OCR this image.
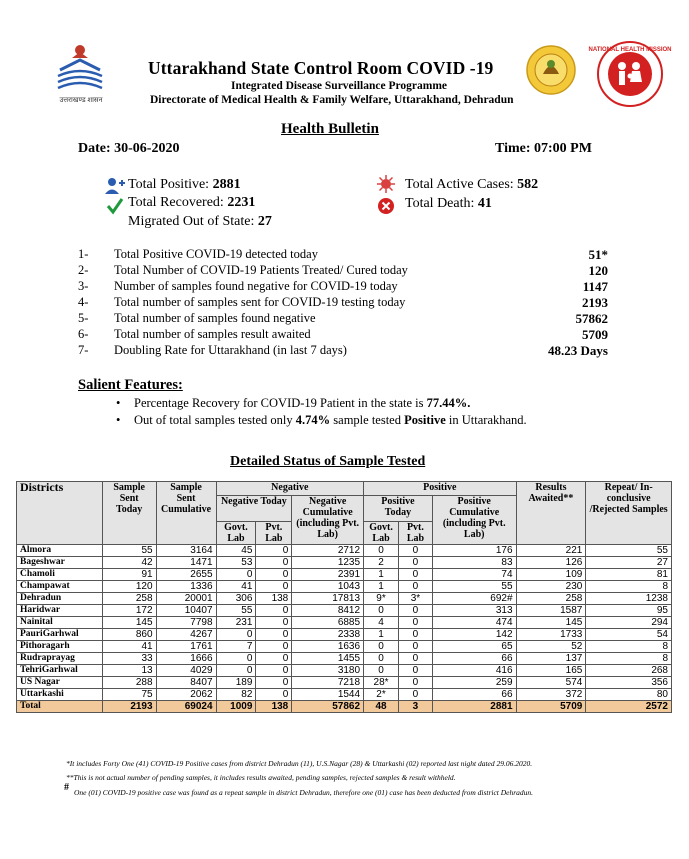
उत्तराखण्ड शासन
Uttarakhand State Control Room COVID -19
Integrated Disease Surveillance Programme
Directorate of Medical Health & Family Welfare, Uttarakhand, Dehradun
NATIONAL HEALTH MISSION
Health Bulletin
Date: 30-06-2020	Time: 07:00 PM
Total Positive: 2881
Total Recovered: 2231
Migrated Out of State: 27
Total Active Cases: 582
Total Death: 41
1- Total Positive COVID-19 detected today	51*
2- Total Number of COVID-19 Patients Treated/ Cured today	120
3- Number of samples found negative for COVID-19 today	1147
4- Total number of samples sent for COVID-19 testing today	2193
5- Total number of samples found negative	57862
6- Total number of samples result awaited	5709
7- Doubling Rate for Uttarakhand (in last 7 days)	48.23 Days
Salient Features:
• Percentage Recovery for COVID-19 Patient in the state is 77.44%.
• Out of total samples tested only 4.74% sample tested Positive in Uttarakhand.
Detailed Status of Sample Tested
Districts	Sample Sent Today	Sample Sent Cumulative	Negative			Positive			Results Awaited**	Repeat/ In-conclusive /Rejected Samples
			Negative Today		Negative Cumulative (including Pvt. Lab)	Positive Today		Positive Cumulative (including Pvt. Lab)		
			Govt. Lab	Pvt. Lab		Govt. Lab	Pvt. Lab			

Almora	55	3164	45	0	2712	0	0	176	221	55
Bageshwar	42	1471	53	0	1235	2	0	83	126	27
Chamoli	91	2655	0	0	2391	1	0	74	109	81
Champawat	120	1336	41	0	1043	1	0	55	230	8
Dehradun	258	20001	306	138	17813	9*	3*	692#	258	1238
Haridwar	172	10407	55	0	8412	0	0	313	1587	95
Nainital	145	7798	231	0	6885	4	0	474	145	294
PauriGarhwal	860	4267	0	0	2338	1	0	142	1733	54
Pithoragarh	41	1761	7	0	1636	0	0	65	52	8
Rudraprayag	33	1666	0	0	1455	0	0	66	137	8
TehriGarhwal	13	4029	0	0	3180	0	0	416	165	268
US Nagar	288	8407	189	0	7218	28*	0	259	574	356
Uttarkashi	75	2062	82	0	1544	2*	0	66	372	80
Total	2193	69024	1009	138	57862	48	3	2881	5709	2572
*It includes Forty One (41) COVID-19 Positive cases from district Dehradun (11), U.S.Nagar (28) & Uttarkashi (02) reported last night dated 29.06.2020.
**This is not actual number of pending samples, it includes results awaited, pending samples, rejected samples & result withheld.
# One (01) COVID-19 positive case was found as a repeat sample in district Dehradun, therefore one (01) case has been deducted from district Dehradun.
